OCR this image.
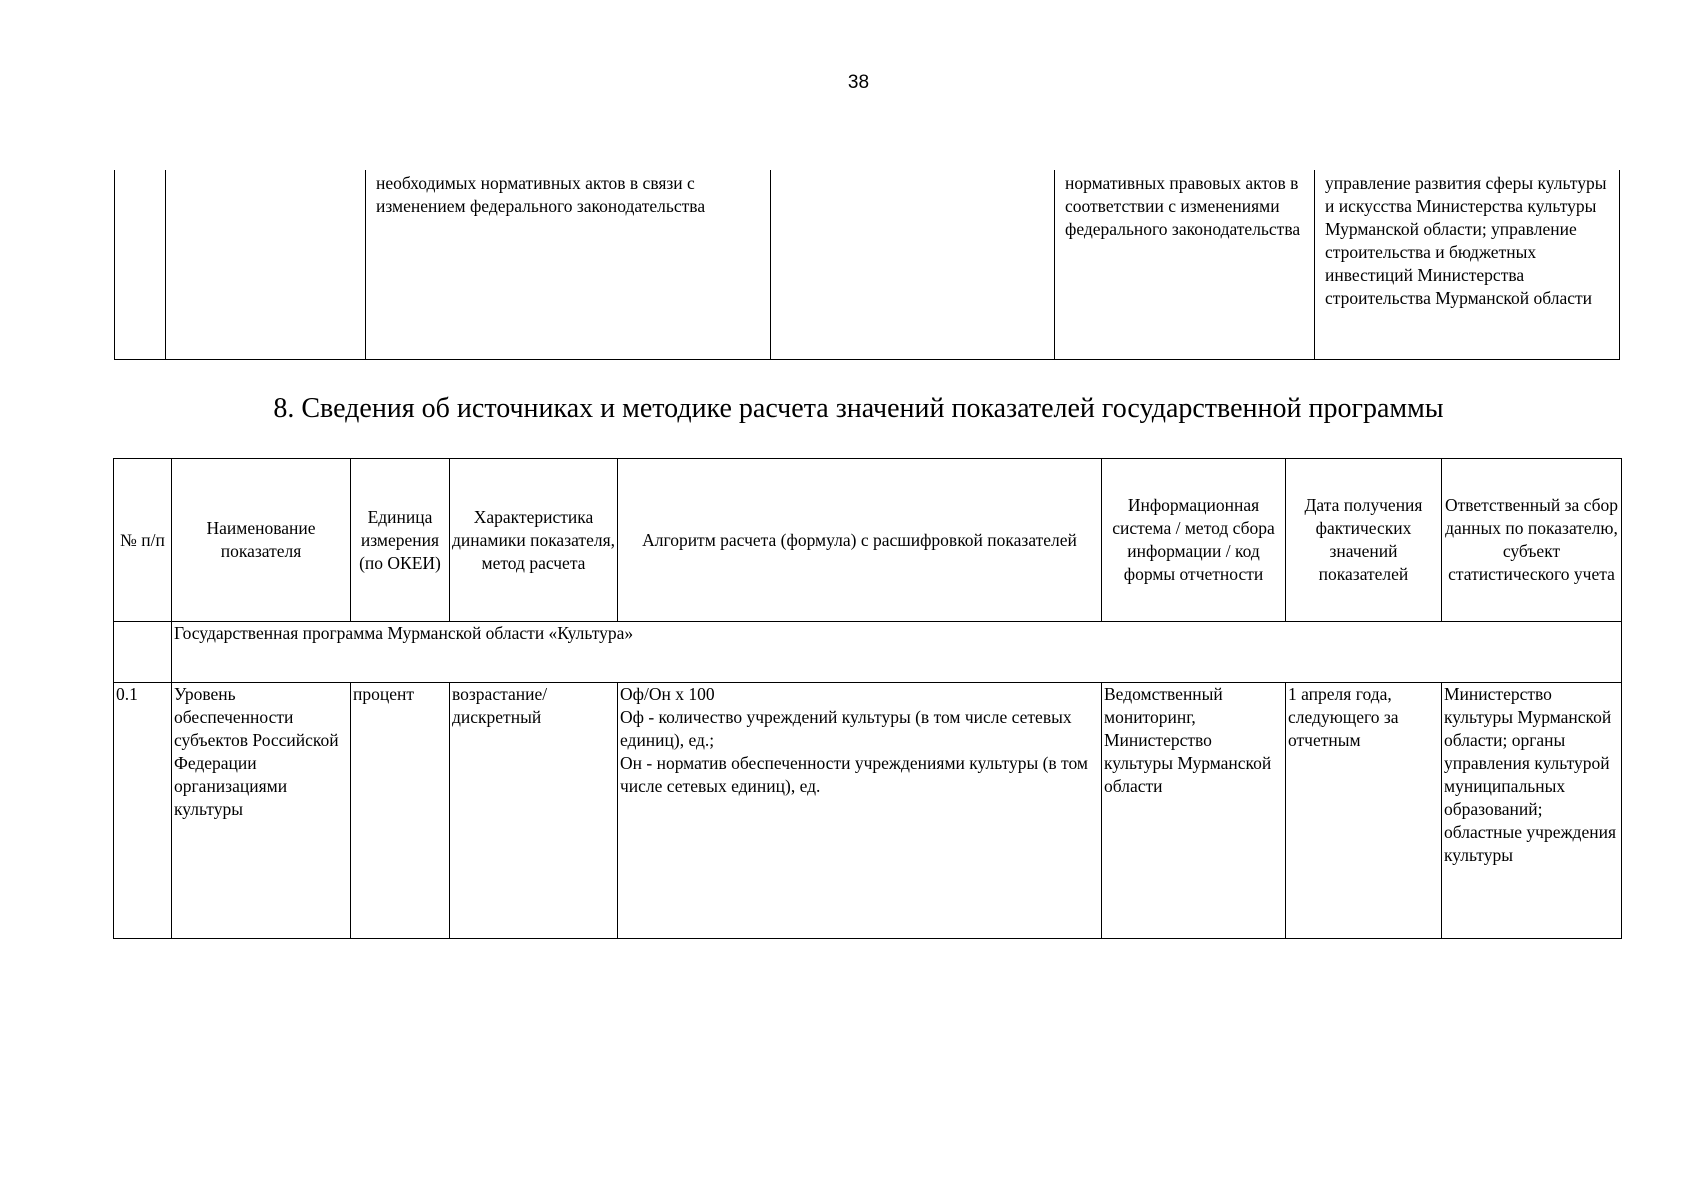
38
		необходимых нормативных актов в связи с изменением федерального законодательства		нормативных правовых актов в соответствии с изменениями федерального законодательства	управление развития сферы культуры и искусства Министерства культуры Мурманской области; управление строительства и бюджетных инвестиций Министерства строительства Мурманской области
8. Сведения об источниках и методике расчета значений показателей государственной программы
№ п/п	Наименование показателя	Единица измерения (по ОКЕИ)	Характеристика динамики показателя, метод расчета	Алгоритм расчета (формула) с расшифровкой показателей	Информационная система / метод сбора информации / код формы отчетности	Дата получения фактических значений показателей	Ответственный за сбор данных по показателю, субъект статистического учета
	Государственная программа Мурманской области «Культура»						
0.1	Уровень обеспеченности субъектов Российской Федерации организациями культуры	процент	возрастание/ дискретный	Оф/Он х 100
Оф - количество учреждений культуры (в том числе сетевых единиц), ед.;
Он - норматив обеспеченности учреждениями культуры (в том числе сетевых единиц), ед.	Ведомственный мониторинг, Министерство культуры Мурманской области	1 апреля года, следующего за отчетным	Министерство культуры Мурманской области; органы управления культурой муниципальных образований; областные учреждения культуры
